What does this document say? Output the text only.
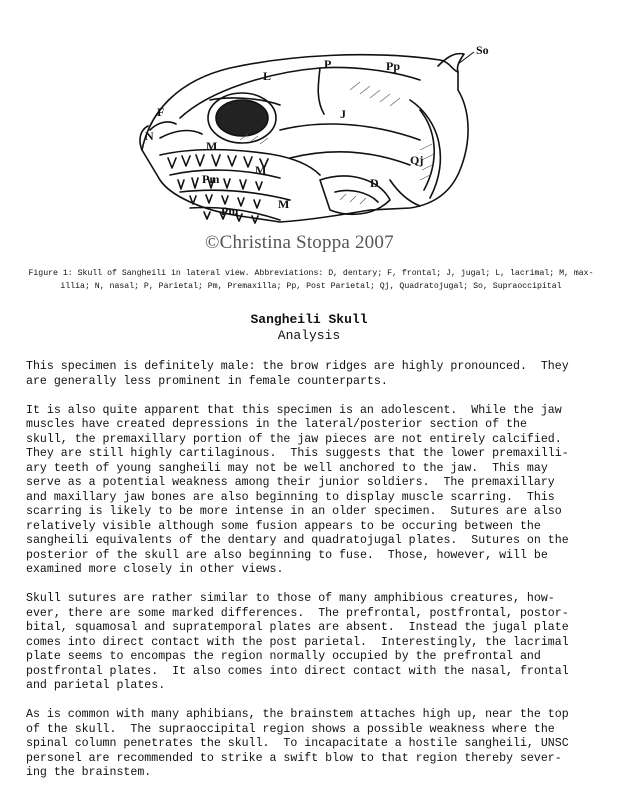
So
P	Pp
L
F
N
J
M
M
M
Qj
D
Pm
Pm
©Christina Stoppa 2007
Figure 1: Skull of Sangheili in lateral view. Abbreviations: D, dentary; F, frontal; J, jugal; L, lacrimal; M, max-
illia; N, nasal; P, Parietal; Pm, Premaxilla; Pp, Post Parietal; Qj, Quadratojugal; So, Supraoccipital
Sangheili Skull
Analysis

This specimen is definitely male: the brow ridges are highly pronounced.  They
are generally less prominent in female counterparts.

It is also quite apparent that this specimen is an adolescent.  While the jaw
muscles have created depressions in the lateral/posterior section of the
skull, the premaxillary portion of the jaw pieces are not entirely calcified.
They are still highly cartilaginous.  This suggests that the lower premaxilli-
ary teeth of young sangheili may not be well anchored to the jaw.  This may
serve as a potential weakness among their junior soldiers.  The premaxillary
and maxillary jaw bones are also beginning to display muscle scarring.  This
scarring is likely to be more intense in an older specimen.  Sutures are also
relatively visible although some fusion appears to be occuring between the
sangheili equivalents of the dentary and quadratojugal plates.  Sutures on the
posterior of the skull are also beginning to fuse.  Those, however, will be
examined more closely in other views.

Skull sutures are rather similar to those of many amphibious creatures, how-
ever, there are some marked differences.  The prefrontal, postfrontal, postor-
bital, squamosal and supratemporal plates are absent.  Instead the jugal plate
comes into direct contact with the post parietal.  Interestingly, the lacrimal
plate seems to encompas the region normally occupied by the prefrontal and
postfrontal plates.  It also comes into direct contact with the nasal, frontal
and parietal plates.

As is common with many aphibians, the brainstem attaches high up, near the top
of the skull.  The supraoccipital region shows a possible weakness where the
spinal column penetrates the skull.  To incapacitate a hostile sangheili, UNSC
personel are recommended to strike a swift blow to that region thereby sever-
ing the brainstem.
